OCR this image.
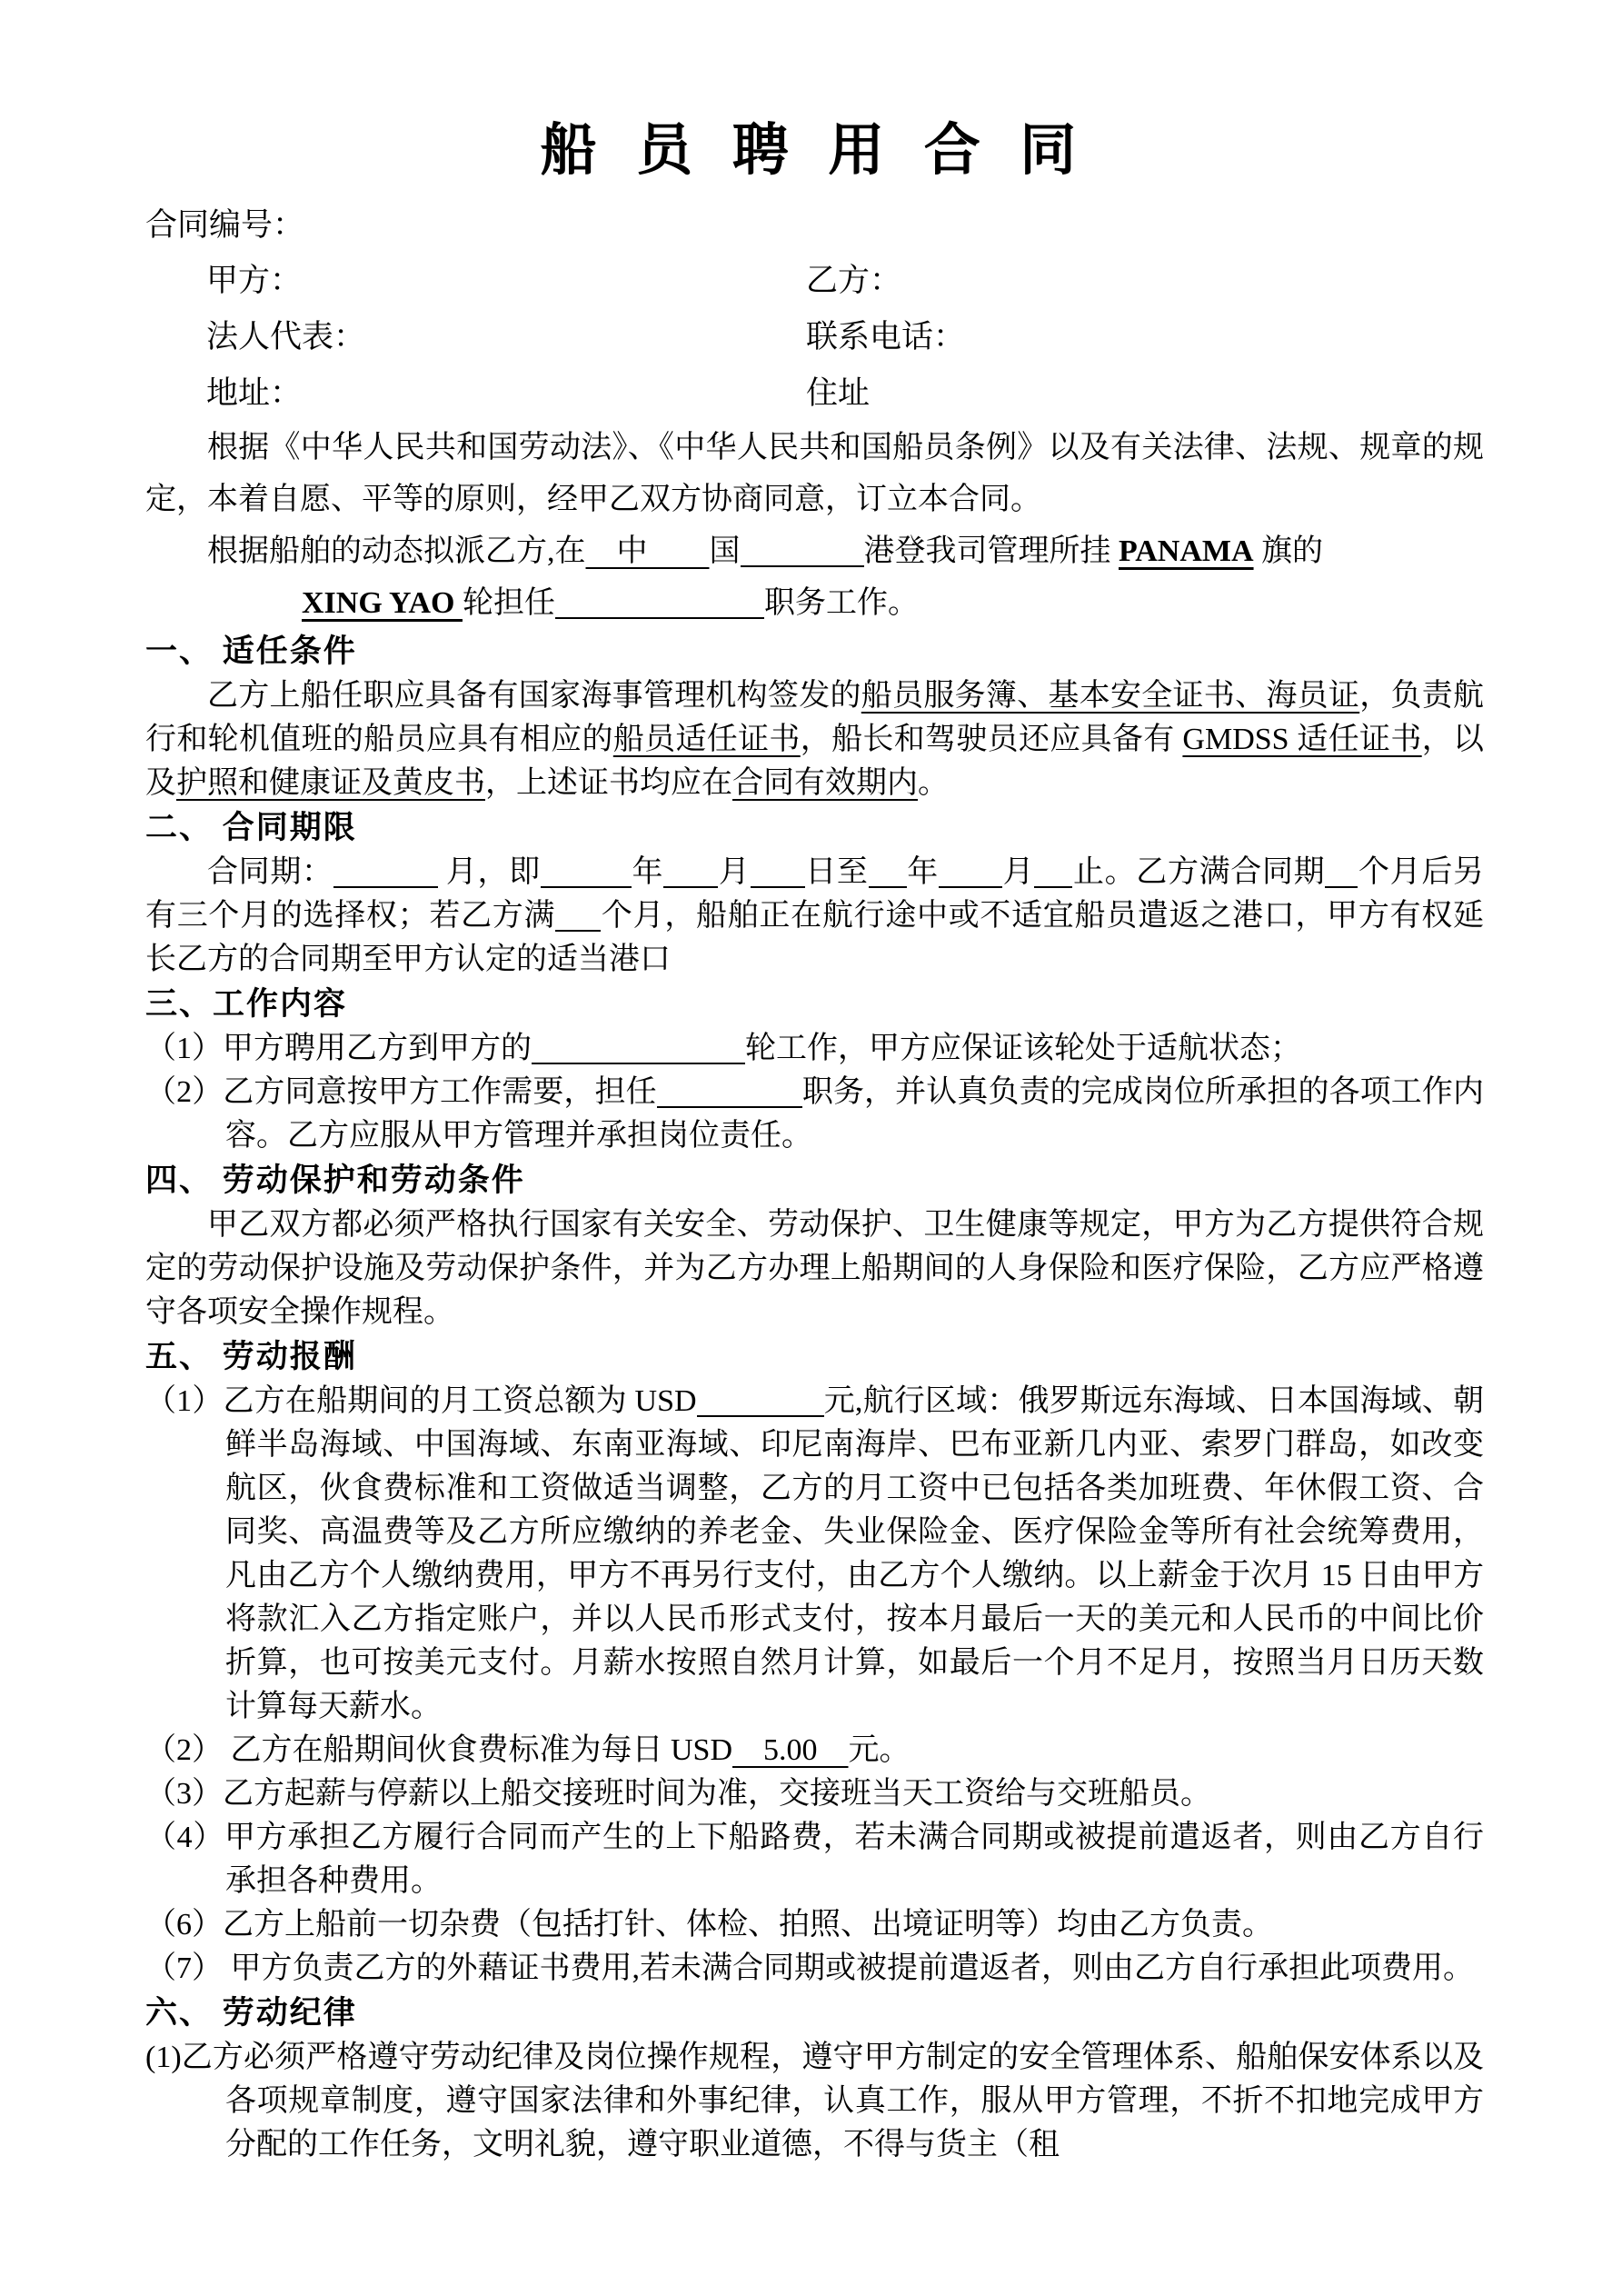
船 员 聘 用 合 同
合同编号：
甲方：	乙方：
法人代表：	联系电话：
地址：	住址

根据《中华人民共和国劳动法》、《中华人民共和国船员条例》以及有关法律、法规、规章的规定，本着自愿、平等的原则，经甲乙双方协商同意，订立本合同。

根据船舶的动态拟派乙方,在　中　　国	港登我司管理所挂 PANAMA 旗的

XING YAO 轮担任	职务工作。

一、 适任条件

乙方上船任职应具备有国家海事管理机构签发的船员服务簿、基本安全证书、海员证，负责航行和轮机值班的船员应具有相应的船员适任证书，船长和驾驶员还应具备有 GMDSS 适任证书，以及护照和健康证及黄皮书，上述证书均应在合同有效期内。

二、 合同期限

合同期：	月，即	年 月 日至 年 月 止。乙方满合同期 个月后另有三个月的选择权；若乙方满 个月，船舶正在航行途中或不适宜船员遣返之港口，甲方有权延长乙方的合同期至甲方认定的适当港口

三、工作内容

（1）甲方聘用乙方到甲方的	轮工作，甲方应保证该轮处于适航状态；

（2）乙方同意按甲方工作需要，担任	职务，并认真负责的完成岗位所承担的各项工作内容。乙方应服从甲方管理并承担岗位责任。

四、 劳动保护和劳动条件

甲乙双方都必须严格执行国家有关安全、劳动保护、卫生健康等规定，甲方为乙方提供符合规定的劳动保护设施及劳动保护条件，并为乙方办理上船期间的人身保险和医疗保险，乙方应严格遵守各项安全操作规程。

五、 劳动报酬

（1）乙方在船期间的月工资总额为 USD	元,航行区域：俄罗斯远东海域、日本国海域、朝鲜半岛海域、中国海域、东南亚海域、印尼南海岸、巴布亚新几内亚、索罗门群岛，如改变航区，伙食费标准和工资做适当调整，乙方的月工资中已包括各类加班费、年休假工资、合同奖、高温费等及乙方所应缴纳的养老金、失业保险金、医疗保险金等所有社会统筹费用，凡由乙方个人缴纳费用，甲方不再另行支付，由乙方个人缴纳。以上薪金于次月 15 日由甲方将款汇入乙方指定账户，并以人民币形式支付，按本月最后一天的美元和人民币的中间比价折算，也可按美元支付。月薪水按照自然月计算，如最后一个月不足月，按照当月日历天数计算每天薪水。

（2） 乙方在船期间伙食费标准为每日 USD　5.00　元。

（3）乙方起薪与停薪以上船交接班时间为准，交接班当天工资给与交班船员。

（4）甲方承担乙方履行合同而产生的上下船路费，若未满合同期或被提前遣返者，则由乙方自行承担各种费用。

（6）乙方上船前一切杂费（包括打针、体检、拍照、出境证明等）均由乙方负责。

（7） 甲方负责乙方的外藉证书费用,若未满合同期或被提前遣返者，则由乙方自行承担此项费用。

六、 劳动纪律

(1)乙方必须严格遵守劳动纪律及岗位操作规程，遵守甲方制定的安全管理体系、船舶保安体系以及各项规章制度，遵守国家法律和外事纪律，认真工作，服从甲方管理，不折不扣地完成甲方分配的工作任务，文明礼貌，遵守职业道德，不得与货主（租
